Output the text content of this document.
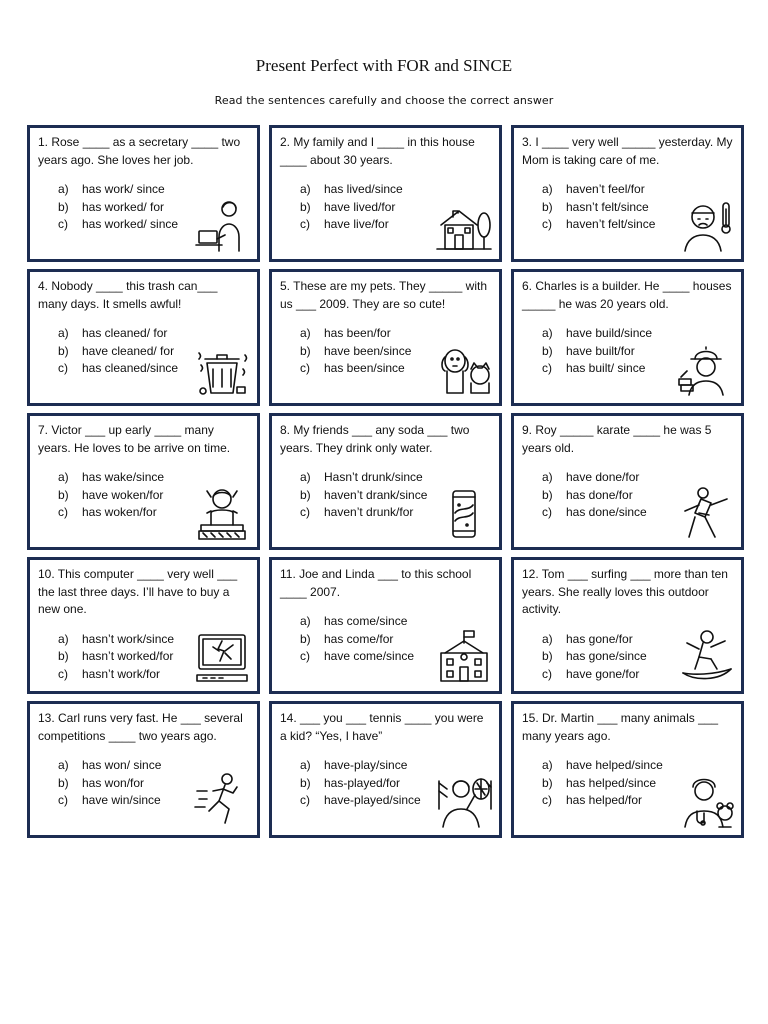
Present Perfect with FOR and SINCE
Read the sentences carefully and choose the correct answer

1. Rose ____ as a secretary ____ two years ago. She loves her job.

a)	has work/ since
b)	has worked/ for
c)	has worked/ since

2. My family and I ____ in this house ____ about 30 years.

a)	has lived/since
b)	have lived/for
c)	have live/for

3. I ____ very well _____ yesterday. My Mom is taking care of me.

a)	haven’t feel/for
b)	hasn’t felt/since
c)	haven’t felt/since

4. Nobody ____ this trash can___ many days. It smells awful!

a)	has cleaned/ for
b)	have cleaned/ for
c)	has cleaned/since

5. These are my pets. They _____ with us ___ 2009. They are so cute!

a)	has been/for
b)	have been/since
c)	has been/since

6. Charles is a builder. He ____ houses _____ he was 20 years old.

a)	have build/since
b)	have built/for
c)	has built/ since

7. Victor ___ up early ____ many years. He loves to be arrive on time.

a)	has wake/since
b)	have woken/for
c)	has woken/for

8. My friends ___ any soda ___ two years. They drink only water.

a)	Hasn’t drunk/since
b)	haven’t drank/since
c)	haven’t drunk/for

9. Roy _____ karate ____ he was 5 years old.

a)	have done/for
b)	has done/for
c)	has done/since

10. This computer ____ very well ___  the last three days. I’ll have to buy a new one.

a)	hasn’t work/since
b)	hasn’t worked/for
c)	hasn’t work/for

11. Joe and Linda ___ to this school ____ 2007.

a)	has come/since
b)	has come/for
c)	have come/since

12. Tom ___ surfing ___ more than ten years. She really loves this outdoor activity.

a)	has gone/for
b)	has gone/since
c)	have gone/for

13. Carl runs very fast. He ___ several competitions ____ two years ago.

a)	has won/ since
b)	has won/for
c)	have win/since

14. ___ you ___ tennis ____ you were a kid? “Yes, I have”

a)	have-play/since
b)	has-played/for
c)	have-played/since

15. Dr. Martin ___ many animals ___ many years ago.

a)	have helped/since
b)	has helped/since
c)	has helped/for
